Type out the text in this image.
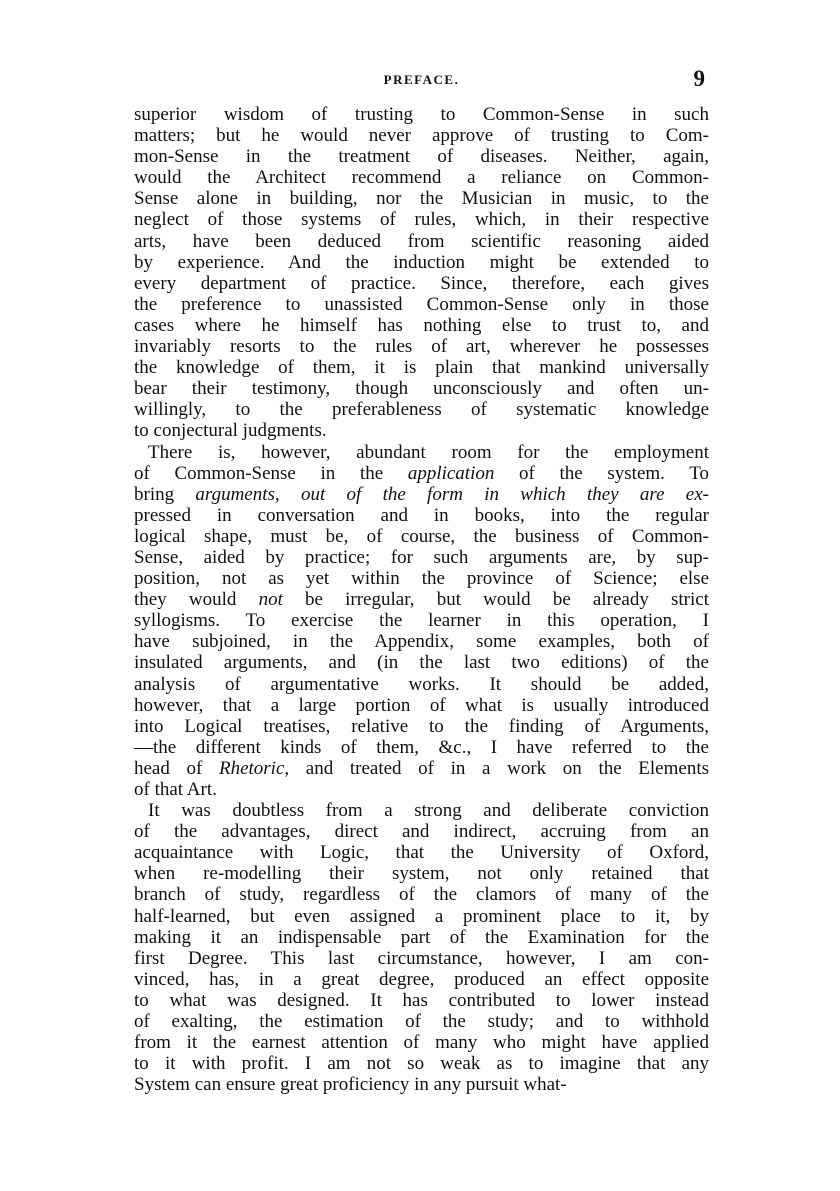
PREFACE.	9
superior wisdom of trusting to Common-Sense in such
matters; but he would never approve of trusting to Com-
mon-Sense in the treatment of diseases. Neither, again,
would the Architect recommend a reliance on Common-
Sense alone in building, nor the Musician in music, to the
neglect of those systems of rules, which, in their respective
arts, have been deduced from scientific reasoning aided
by experience. And the induction might be extended to
every department of practice. Since, therefore, each gives
the preference to unassisted Common-Sense only in those
cases where he himself has nothing else to trust to, and
invariably resorts to the rules of art, wherever he possesses
the knowledge of them, it is plain that mankind universally
bear their testimony, though unconsciously and often un-
willingly, to the preferableness of systematic knowledge
to conjectural judgments.
There is, however, abundant room for the employment
of Common-Sense in the application of the system. To
bring arguments, out of the form in which they are ex-
pressed in conversation and in books, into the regular
logical shape, must be, of course, the business of Common-
Sense, aided by practice; for such arguments are, by sup-
position, not as yet within the province of Science; else
they would not be irregular, but would be already strict
syllogisms. To exercise the learner in this operation, I
have subjoined, in the Appendix, some examples, both of
insulated arguments, and (in the last two editions) of the
analysis of argumentative works. It should be added,
however, that a large portion of what is usually introduced
into Logical treatises, relative to the finding of Arguments,
—the different kinds of them, &c., I have referred to the
head of Rhetoric, and treated of in a work on the Elements
of that Art.
It was doubtless from a strong and deliberate conviction
of the advantages, direct and indirect, accruing from an
acquaintance with Logic, that the University of Oxford,
when re-modelling their system, not only retained that
branch of study, regardless of the clamors of many of the
half-learned, but even assigned a prominent place to it, by
making it an indispensable part of the Examination for the
first Degree. This last circumstance, however, I am con-
vinced, has, in a great degree, produced an effect opposite
to what was designed. It has contributed to lower instead
of exalting, the estimation of the study; and to withhold
from it the earnest attention of many who might have applied
to it with profit. I am not so weak as to imagine that any
System can ensure great proficiency in any pursuit what-
